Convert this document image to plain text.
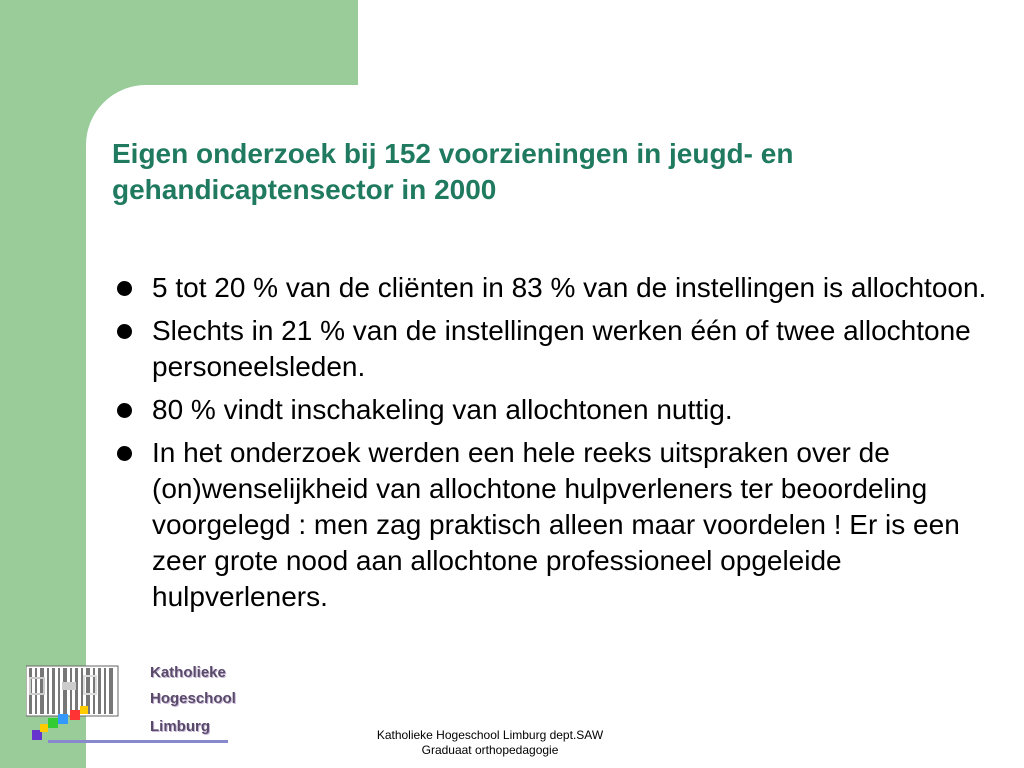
Eigen onderzoek bij 152 voorzieningen in jeugd- en gehandicaptensector in 2000
5 tot 20 % van de cliënten in 83 % van de instellingen is allochtoon.
Slechts in 21 % van de instellingen werken één of twee allochtone personeelsleden.
80 % vindt inschakeling van allochtonen nuttig.
In het onderzoek werden een hele reeks uitspraken over de (on)wenselijkheid van allochtone hulpverleners ter beoordeling voorgelegd : men zag praktisch alleen maar voordelen ! Er is een zeer grote nood aan allochtone professioneel opgeleide hulpverleners.
Katholieke
Hogeschool
Limburg	Katholieke Hogeschool Limburg dept.SAW
Graduaat orthopedagogie
